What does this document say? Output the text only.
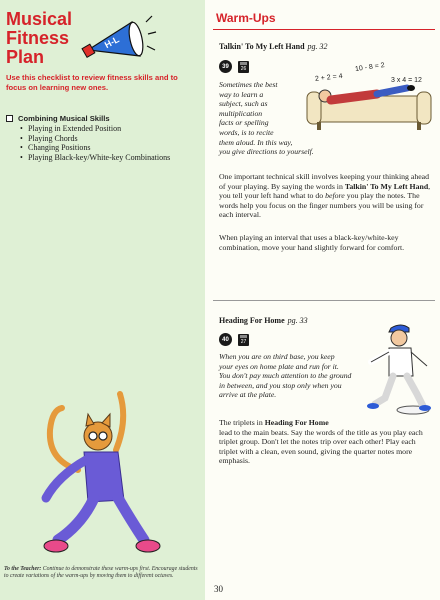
Musical
Fitness
Plan
H-L
Use this checklist to review fitness skills and to focus on learning new ones.
Combining Musical Skills
• Playing in Extended Position
• Playing Chords
• Changing Positions
• Playing Black-key/White-key Combinations
To the Teacher: Continue to demonstrate these warm-ups first. Encourage students to create variations of the warm-ups by moving them to different octaves.
Warm-Ups
Talkin' To My Left Hand pg. 32
39	26
Sometimes the best
way to learn a
subject, such as
multiplication
facts or spelling
words, is to recite
them aloud. In this way,
you give directions to yourself.
10 - 8 = 2
2 + 2 = 4	3 x 4 = 12
One important technical skill involves keeping your thinking ahead of your playing. By saying the words in Talkin' To My Left Hand, you tell your left hand what to do before you play the notes. The words help you focus on the finger numbers you will be using for each interval.
When playing an interval that uses a black-key/white-key combination, move your hand slightly forward for comfort.
Heading For Home pg. 33
40	27
When you are on third base, you keep
your eyes on home plate and run for it.
You don't pay much attention to the ground
in between, and you stop only when you
arrive at the plate.
The triplets in Heading For Home
lead to the main beats. Say the words of the title as you play each triplet group. Don't let the notes trip over each other! Play each triplet with a clean, even sound, giving the quarter notes more emphasis.
30
